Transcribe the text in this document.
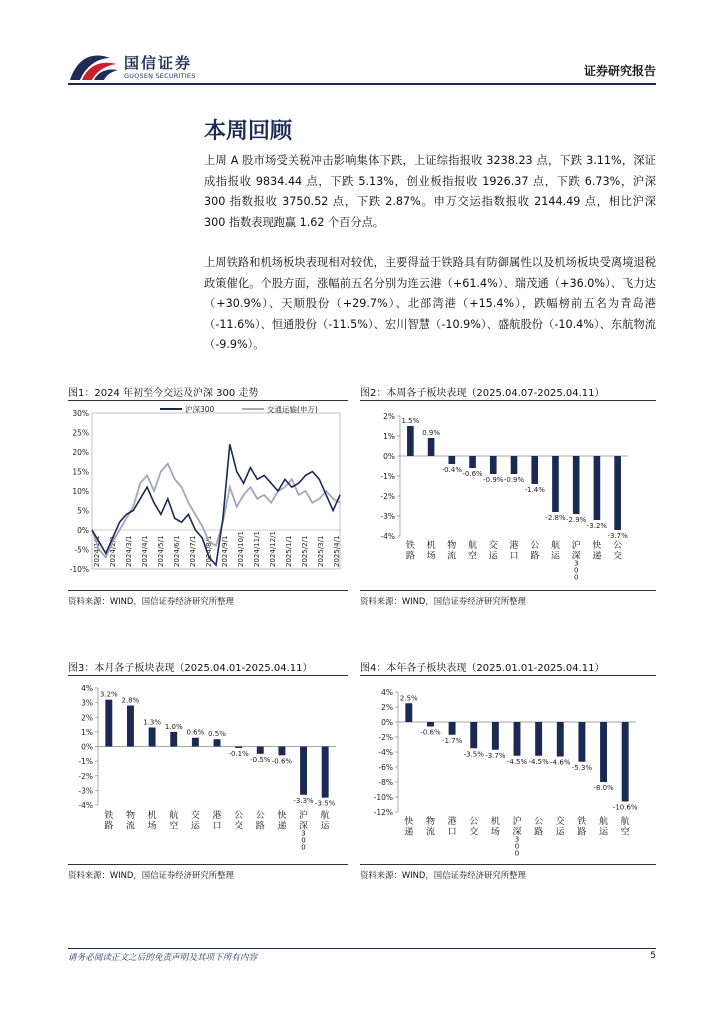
国信证券
GUOSEN SECURITIES	证券研究报告
本周回顾
上周 A 股市场受关税冲击影响集体下跌，上证综指报收 3238.23 点，下跌 3.11%，深证成指报收 9834.44 点，下跌 5.13%，创业板指报收 1926.37 点，下跌 6.73%，沪深 300 指数报收 3750.52 点，下跌 2.87%。申万交运指数报收 2144.49 点，相比沪深 300 指数表现跑赢 1.62 个百分点。
上周铁路和机场板块表现相对较优，主要得益于铁路具有防御属性以及机场板块受离境退税政策催化。个股方面，涨幅前五名分别为连云港（+61.4%）、瑞茂通（+36.0%）、飞力达（+30.9%）、天顺股份（+29.7%）、北部湾港（+15.4%），跌幅榜前五名为青岛港（-11.6%）、恒通股份（-11.5%）、宏川智慧（-10.9%）、盛航股份（-10.4%）、东航物流（-9.9%）。
图1：2024 年初至今交运及沪深 300 走势
30%
25%
20%
15%
10%
5%
0%
-5%
-10%
2024/1/1 2024/2/1 2024/3/1 2024/4/1 2024/5/1 2024/6/1 2024/7/1 2024/8/1 2024/9/1 2024/10/1 2024/11/1 2024/12/1 2025/1/1 2025/2/1 2025/3/1 2025/4/1
沪深300	交通运输(申万)
资料来源：WIND，国信证券经济研究所整理
图2：本周各子板块表现（2025.04.07-2025.04.11）
2%
1%
0%
-1%
-2%
-3%
-4%
1.5%
铁路
0.9%
机场
-0.4%
物流
-0.6%
航空
-0.9%
交运
-0.9%
港口
-1.4%
公路
-2.8%
航运
-2.9%
沪深 3 0 0
-3.2%
快递
-3.7%
公交
资料来源：WIND，国信证券经济研究所整理
图3：本月各子板块表现（2025.04.01-2025.04.11）
4%
3%
2%
1%
0%
-1%
-2%
-3%
-4%
3.2%
铁路
2.8%
物流
1.3%
机场
1.0%
航空
0.6%
交运
0.5%
港口
-0.1%
公交
-0.5%
公路
-0.6%
快递
-3.3%
沪深 3 0 0
-3.5%
航运
资料来源：WIND，国信证券经济研究所整理
图4：本年各子板块表现（2025.01.01-2025.04.11）
4%
2%
0%
-2%
-4%
-6%
-8%
-10%
-12%
2.5%
快递
-0.6%
物流
-1.7%
港口
-3.5%
公交
-3.7%
机场
-4.5%
沪深 3 0 0
-4.5%
公路
-4.6%
交运
-5.3%
铁路
-8.0%
航运
-10.6%
航空
资料来源：WIND，国信证券经济研究所整理
请务必阅读正文之后的免责声明及其项下所有内容	5
